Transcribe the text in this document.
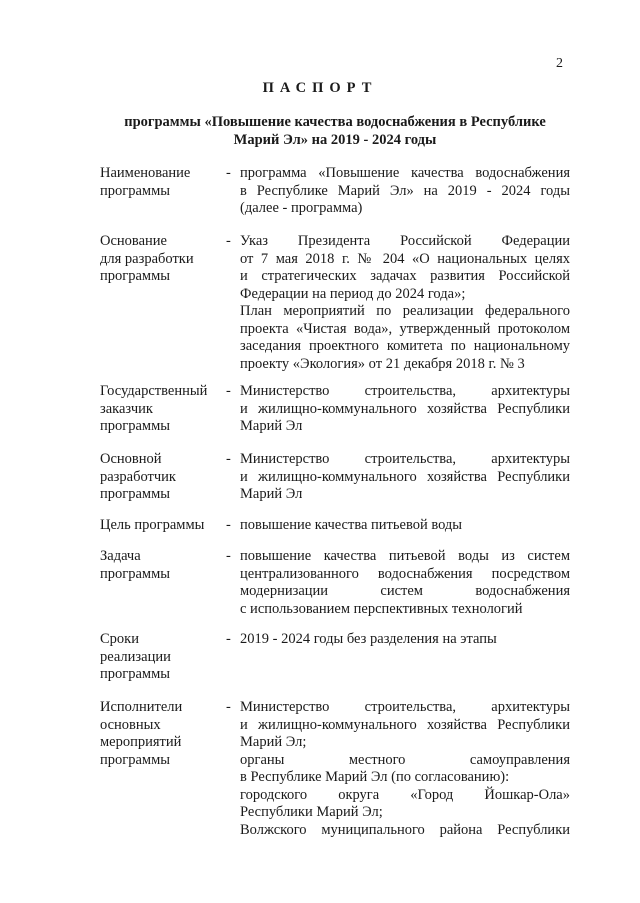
2
ПАСПОРТ
программы «Повышение качества водоснабжения в Республике
Марий Эл» на 2019 - 2024 годы
Наименование
программы
- программа «Повышение качества водоснабжения
в Республике Марий Эл» на 2019 - 2024 годы
(далее - программа)
Основание
для разработки
программы
- Указ Президента Российской Федерации
от 7 мая 2018 г. № 204 «О национальных целях
и стратегических задачах развития Российской
Федерации на период до 2024 года»;
План мероприятий по реализации федерального
проекта «Чистая вода», утвержденный протоколом
заседания проектного комитета по национальному
проекту «Экология» от 21 декабря 2018 г. № 3
Государственный
заказчик
программы
- Министерство строительства, архитектуры
и жилищно-коммунального хозяйства Республики
Марий Эл
Основной
разработчик
программы
- Министерство строительства, архитектуры
и жилищно-коммунального хозяйства Республики
Марий Эл
Цель программы	- повышение качества питьевой воды
Задача
программы
- повышение качества питьевой воды из систем
централизованного водоснабжения посредством
модернизации систем водоснабжения
с использованием перспективных технологий
Сроки
реализации
программы
- 2019 - 2024 годы без разделения на этапы
Исполнители
основных
мероприятий
программы
- Министерство строительства, архитектуры
и жилищно-коммунального хозяйства Республики
Марий Эл;
органы местного самоуправления
в Республике Марий Эл (по согласованию):
городского округа «Город Йошкар-Ола»
Республики Марий Эл;
Волжского муниципального района Республики
